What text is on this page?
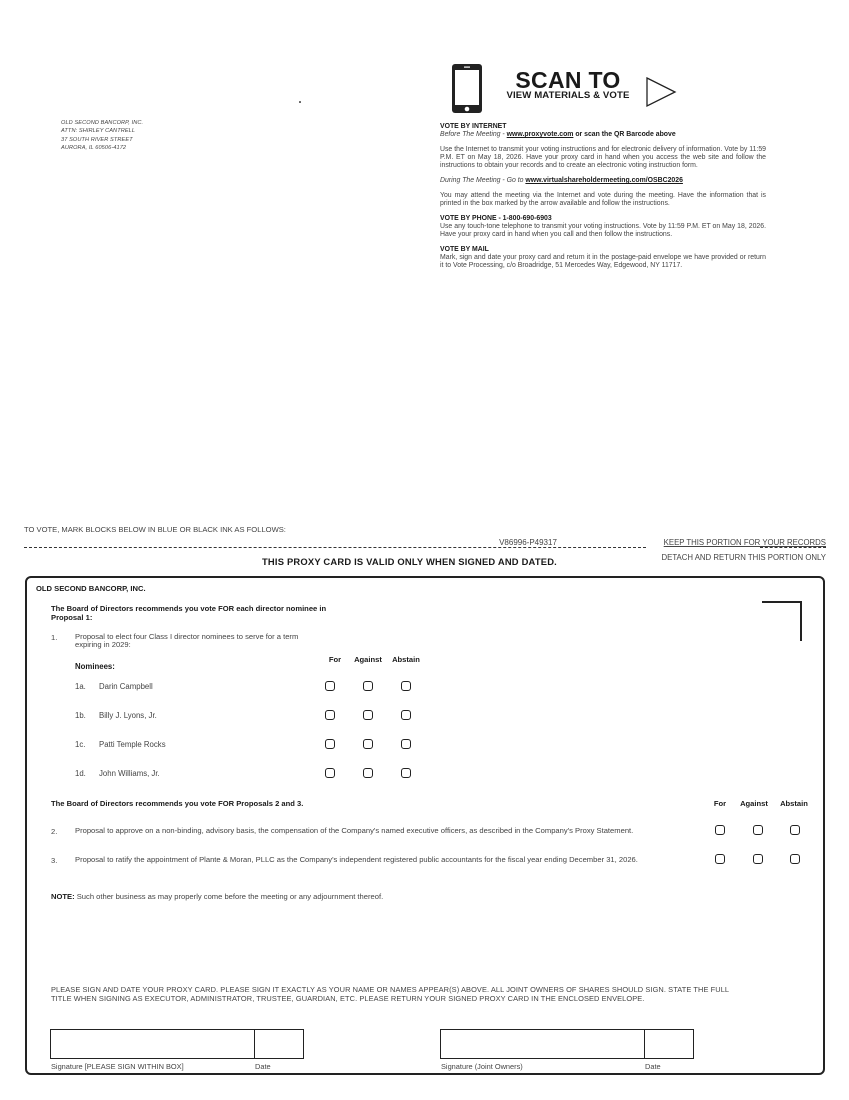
OLD SECOND BANCORP, INC.
ATTN: SHIRLEY CANTRELL
37 SOUTH RIVER STREET
AURORA, IL 60506-4172
SCAN TO
VIEW MATERIALS & VOTE
VOTE BY INTERNET

Before The Meeting - www.proxyvote.com or scan the QR Barcode above

Use the Internet to transmit your voting instructions and for electronic delivery of information. Vote by 11:59 P.M. ET on May 18, 2026. Have your proxy card in hand when you access the web site and follow the instructions to obtain your records and to create an electronic voting instruction form.

During The Meeting - Go to www.virtualshareholdermeeting.com/OSBC2026

You may attend the meeting via the Internet and vote during the meeting. Have the information that is printed in the box marked by the arrow available and follow the instructions.

VOTE BY PHONE - 1-800-690-6903

Use any touch-tone telephone to transmit your voting instructions. Vote by 11:59 P.M. ET on May 18, 2026. Have your proxy card in hand when you call and then follow the instructions.

VOTE BY MAIL

Mark, sign and date your proxy card and return it in the postage-paid envelope we have provided or return it to Vote Processing, c/o Broadridge, 51 Mercedes Way, Edgewood, NY 11717.

TO VOTE, MARK BLOCKS BELOW IN BLUE OR BLACK INK AS FOLLOWS:
V86996-P49317	KEEP THIS PORTION FOR YOUR RECORDS
THIS PROXY CARD IS VALID ONLY WHEN SIGNED AND DATED.	DETACH AND RETURN THIS PORTION ONLY
OLD SECOND BANCORP, INC.
The Board of Directors recommends you vote FOR each director nominee in Proposal 1:
1. Proposal to elect four Class I director nominees to serve for a term expiring in 2029:
Nominees:
For	Against	Abstain
1a. Darin Campbell
1b. Billy J. Lyons, Jr.
1c. Patti Temple Rocks
1d. John Williams, Jr.
The Board of Directors recommends you vote FOR Proposals 2 and 3.	For	Against	Abstain
2. Proposal to approve on a non-binding, advisory basis, the compensation of the Company's named executive officers, as described in the Company's Proxy Statement.
3. Proposal to ratify the appointment of Plante & Moran, PLLC as the Company's independent registered public accountants for the fiscal year ending December 31, 2026.
NOTE: Such other business as may properly come before the meeting or any adjournment thereof.
PLEASE SIGN AND DATE YOUR PROXY CARD. PLEASE SIGN IT EXACTLY AS YOUR NAME OR NAMES APPEAR(S) ABOVE. ALL JOINT OWNERS OF SHARES SHOULD SIGN. STATE THE FULL TITLE WHEN SIGNING AS EXECUTOR, ADMINISTRATOR, TRUSTEE, GUARDIAN, ETC. PLEASE RETURN YOUR SIGNED PROXY CARD IN THE ENCLOSED ENVELOPE.
Signature [PLEASE SIGN WITHIN BOX]	Date	Signature (Joint Owners)	Date
